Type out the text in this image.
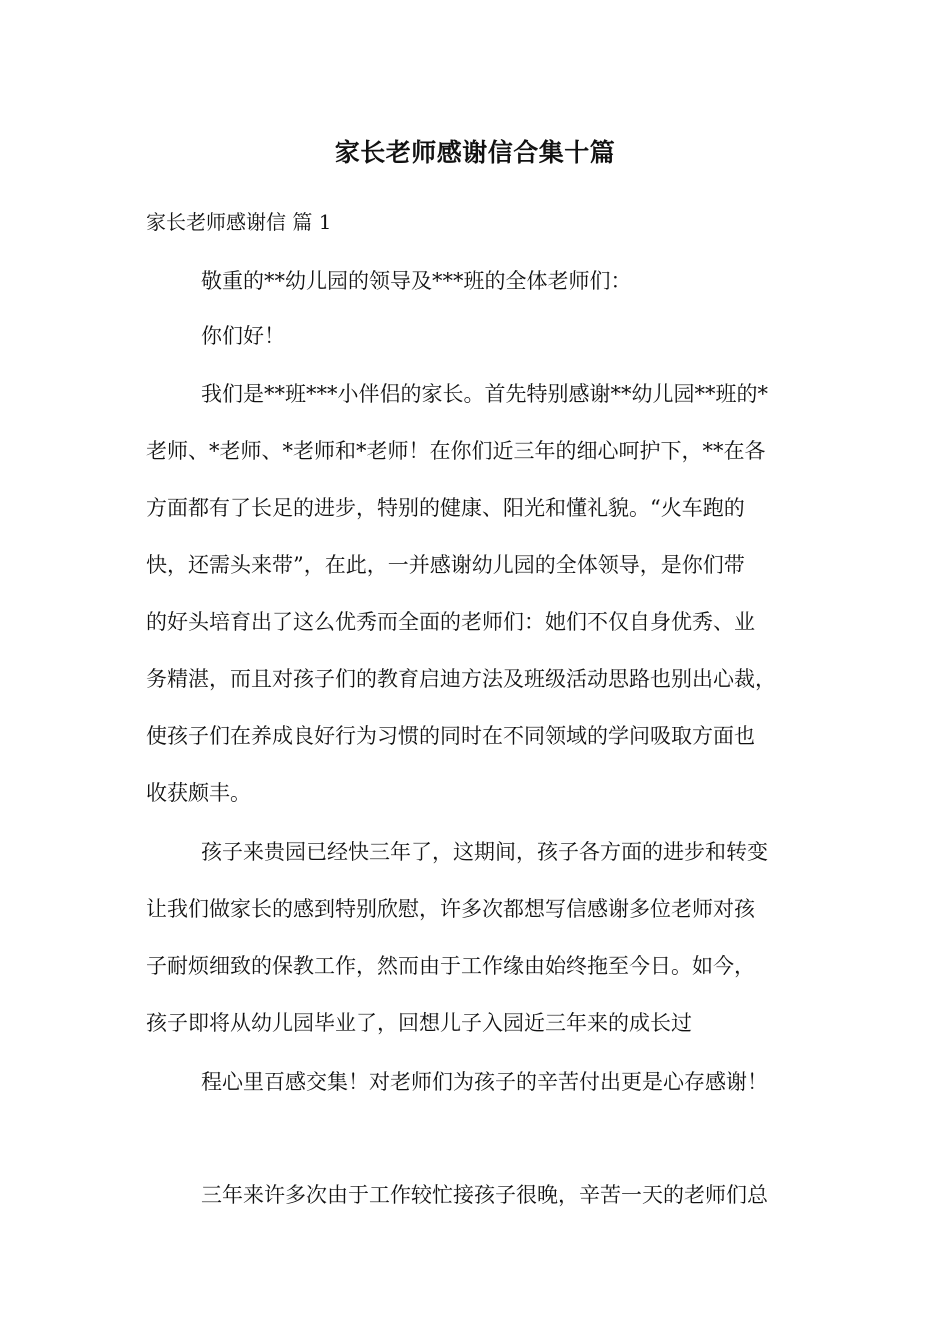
家长老师感谢信合集十篇
家长老师感谢信 篇 1
敬重的**幼儿园的领导及***班的全体老师们：
你们好！
我们是**班***小伴侣的家长。首先特别感谢**幼儿园**班的*
老师、*老师、*老师和*老师！在你们近三年的细心呵护下，**在各
方面都有了长足的进步，特别的健康、阳光和懂礼貌。“火车跑的
快，还需头来带”，在此，一并感谢幼儿园的全体领导，是你们带
的好头培育出了这么优秀而全面的老师们：她们不仅自身优秀、业
务精湛，而且对孩子们的教育启迪方法及班级活动思路也别出心裁，
使孩子们在养成良好行为习惯的同时在不同领域的学问吸取方面也
收获颇丰。
孩子来贵园已经快三年了，这期间，孩子各方面的进步和转变
让我们做家长的感到特别欣慰，许多次都想写信感谢多位老师对孩
子耐烦细致的保教工作，然而由于工作缘由始终拖至今日。如今，
孩子即将从幼儿园毕业了，回想儿子入园近三年来的成长过
程心里百感交集！对老师们为孩子的辛苦付出更是心存感谢！
三年来许多次由于工作较忙接孩子很晚，辛苦一天的老师们总
